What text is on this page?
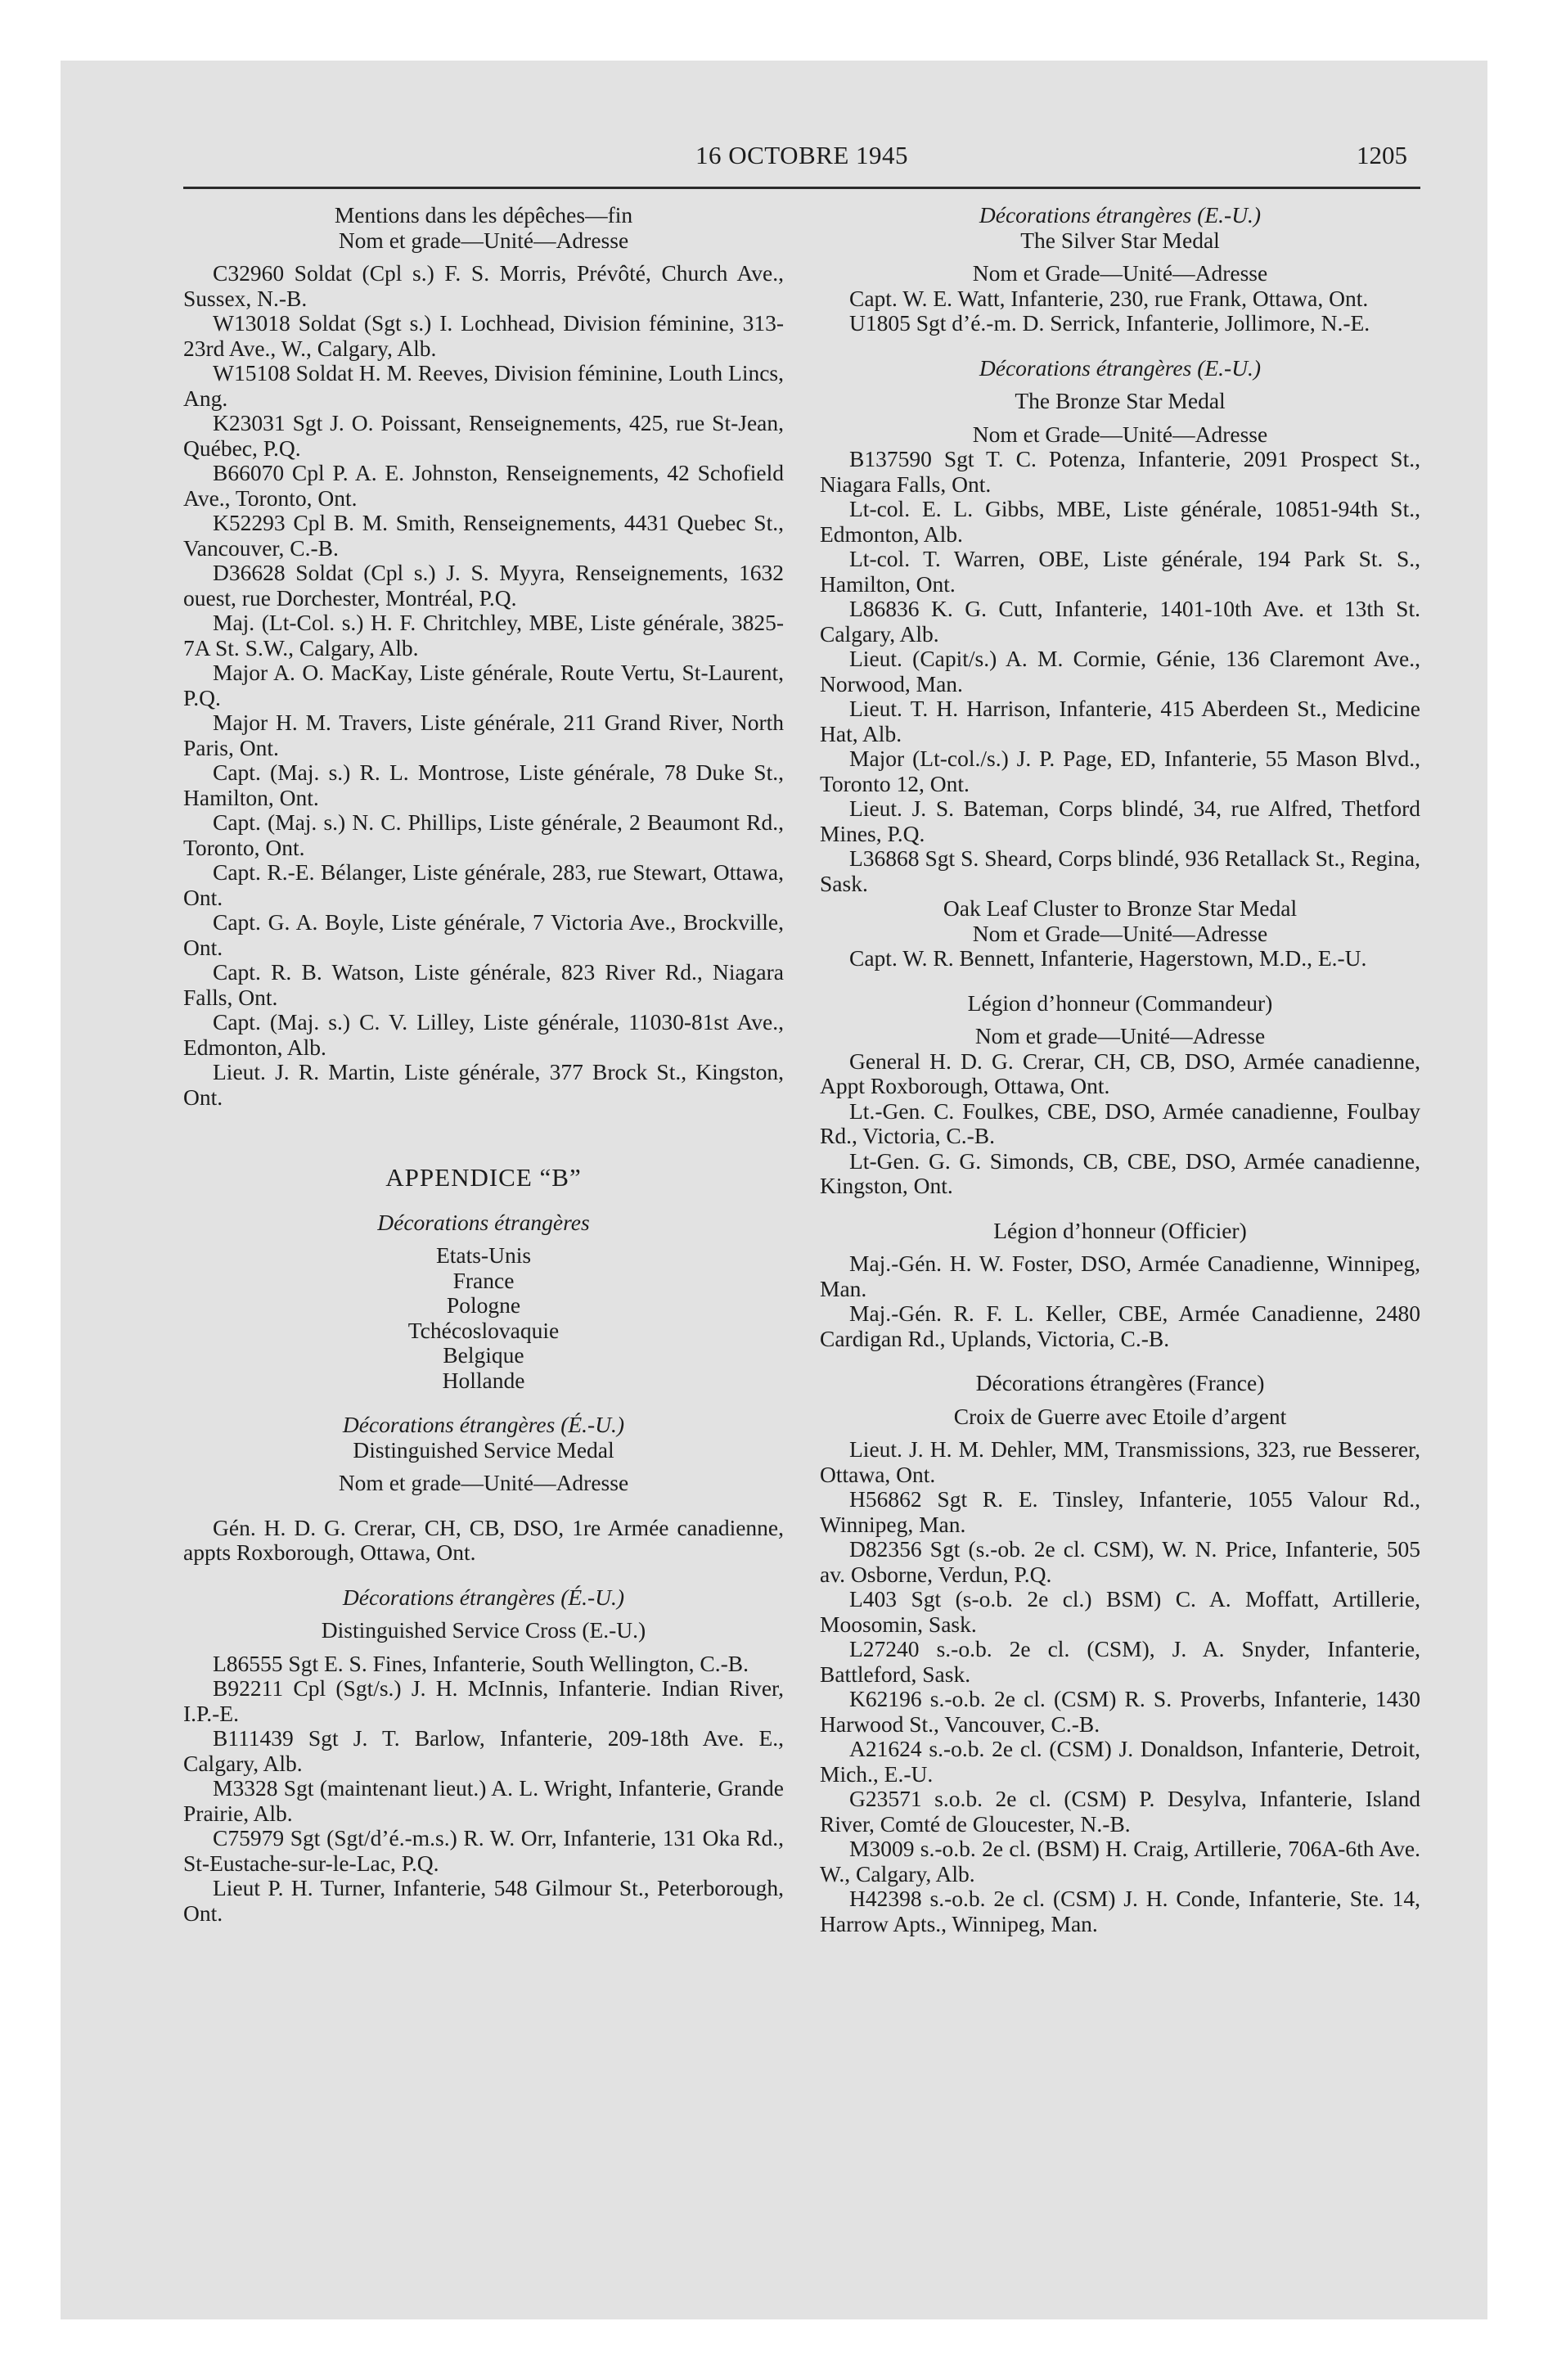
16 OCTOBRE 1945	1205

Mentions dans les dépêches—fin

Nom et grade—Unité—Adresse

C32960 Soldat (Cpl s.) F. S. Morris, Prévôté, Church Ave., Sussex, N.-B.

W13018 Soldat (Sgt s.) I. Lochhead, Division féminine, 313-23rd Ave., W., Calgary, Alb.

W15108 Soldat H. M. Reeves, Division féminine, Louth Lincs, Ang.

K23031 Sgt J. O. Poissant, Renseignements, 425, rue St-Jean, Québec, P.Q.

B66070 Cpl P. A. E. Johnston, Renseignements, 42 Schofield Ave., Toronto, Ont.

K52293 Cpl B. M. Smith, Renseignements, 4431 Quebec St., Vancouver, C.-B.

D36628 Soldat (Cpl s.) J. S. Myyra, Renseignements, 1632 ouest, rue Dorchester, Montréal, P.Q.

Maj. (Lt-Col. s.) H. F. Chritchley, MBE, Liste générale, 3825-7A St. S.W., Calgary, Alb.

Major A. O. MacKay, Liste générale, Route Vertu, St-Laurent, P.Q.

Major H. M. Travers, Liste générale, 211 Grand River, North Paris, Ont.

Capt. (Maj. s.) R. L. Montrose, Liste générale, 78 Duke St., Hamilton, Ont.

Capt. (Maj. s.) N. C. Phillips, Liste générale, 2 Beaumont Rd., Toronto, Ont.

Capt. R.-E. Bélanger, Liste générale, 283, rue Stewart, Ottawa, Ont.

Capt. G. A. Boyle, Liste générale, 7 Victoria Ave., Brockville, Ont.

Capt. R. B. Watson, Liste générale, 823 River Rd., Niagara Falls, Ont.

Capt. (Maj. s.) C. V. Lilley, Liste générale, 11030-81st Ave., Edmonton, Alb.

Lieut. J. R. Martin, Liste générale, 377 Brock St., Kingston, Ont.

APPENDICE “B”

Décorations étrangères

Etats-Unis

France

Pologne

Tchécoslovaquie

Belgique

Hollande

Décorations étrangères (É.-U.)

Distinguished Service Medal

Nom et grade—Unité—Adresse

Gén. H. D. G. Crerar, CH, CB, DSO, 1re Armée canadienne, appts Roxborough, Ottawa, Ont.

Décorations étrangères (É.-U.)

Distinguished Service Cross (E.-U.)

L86555 Sgt E. S. Fines, Infanterie, South Wellington, C.-B.

B92211 Cpl (Sgt/s.) J. H. McInnis, Infanterie. Indian River, I.P.-E.

B111439 Sgt J. T. Barlow, Infanterie, 209-18th Ave. E., Calgary, Alb.

M3328 Sgt (maintenant lieut.) A. L. Wright, Infanterie, Grande Prairie, Alb.

C75979 Sgt (Sgt/d’é.-m.s.) R. W. Orr, Infanterie, 131 Oka Rd., St-Eustache-sur-le-Lac, P.Q.

Lieut P. H. Turner, Infanterie, 548 Gilmour St., Peterborough, Ont.

Décorations étrangères (E.-U.)

The Silver Star Medal

Nom et Grade—Unité—Adresse

Capt. W. E. Watt, Infanterie, 230, rue Frank, Ottawa, Ont.

U1805 Sgt d’é.-m. D. Serrick, Infanterie, Jollimore, N.-E.

Décorations étrangères (E.-U.)

The Bronze Star Medal

Nom et Grade—Unité—Adresse

B137590 Sgt T. C. Potenza, Infanterie, 2091 Prospect St., Niagara Falls, Ont.

Lt-col. E. L. Gibbs, MBE, Liste générale, 10851-94th St., Edmonton, Alb.

Lt-col. T. Warren, OBE, Liste générale, 194 Park St. S., Hamilton, Ont.

L86836 K. G. Cutt, Infanterie, 1401-10th Ave. et 13th St. Calgary, Alb.

Lieut. (Capit/s.) A. M. Cormie, Génie, 136 Claremont Ave., Norwood, Man.

Lieut. T. H. Harrison, Infanterie, 415 Aberdeen St., Medicine Hat, Alb.

Major (Lt-col./s.) J. P. Page, ED, Infanterie, 55 Mason Blvd., Toronto 12, Ont.

Lieut. J. S. Bateman, Corps blindé, 34, rue Alfred, Thetford Mines, P.Q.

L36868 Sgt S. Sheard, Corps blindé, 936 Retallack St., Regina, Sask.

Oak Leaf Cluster to Bronze Star Medal

Nom et Grade—Unité—Adresse

Capt. W. R. Bennett, Infanterie, Hagerstown, M.D., E.-U.

Légion d’honneur (Commandeur)

Nom et grade—Unité—Adresse

General H. D. G. Crerar, CH, CB, DSO, Armée canadienne, Appt Roxborough, Ottawa, Ont.

Lt.-Gen. C. Foulkes, CBE, DSO, Armée canadienne, Foulbay Rd., Victoria, C.-B.

Lt-Gen. G. G. Simonds, CB, CBE, DSO, Armée canadienne, Kingston, Ont.

Légion d’honneur (Officier)

Maj.-Gén. H. W. Foster, DSO, Armée Canadienne, Winnipeg, Man.

Maj.-Gén. R. F. L. Keller, CBE, Armée Canadienne, 2480 Cardigan Rd., Uplands, Victoria, C.-B.

Décorations étrangères (France)

Croix de Guerre avec Etoile d’argent

Lieut. J. H. M. Dehler, MM, Transmissions, 323, rue Besserer, Ottawa, Ont.

H56862 Sgt R. E. Tinsley, Infanterie, 1055 Valour Rd., Winnipeg, Man.

D82356 Sgt (s.-ob. 2e cl. CSM), W. N. Price, Infanterie, 505 av. Osborne, Verdun, P.Q.

L403 Sgt (s-o.b. 2e cl.) BSM) C. A. Moffatt, Artillerie, Moosomin, Sask.

L27240 s.-o.b. 2e cl. (CSM), J. A. Snyder, Infanterie, Battleford, Sask.

K62196 s.-o.b. 2e cl. (CSM) R. S. Proverbs, Infanterie, 1430 Harwood St., Vancouver, C.-B.

A21624 s.-o.b. 2e cl. (CSM) J. Donaldson, Infanterie, Detroit, Mich., E.-U.

G23571 s.o.b. 2e cl. (CSM) P. Desylva, Infanterie, Island River, Comté de Gloucester, N.-B.

M3009 s.-o.b. 2e cl. (BSM) H. Craig, Artillerie, 706A-6th Ave. W., Calgary, Alb.

H42398 s.-o.b. 2e cl. (CSM) J. H. Conde, Infanterie, Ste. 14, Harrow Apts., Winnipeg, Man.
